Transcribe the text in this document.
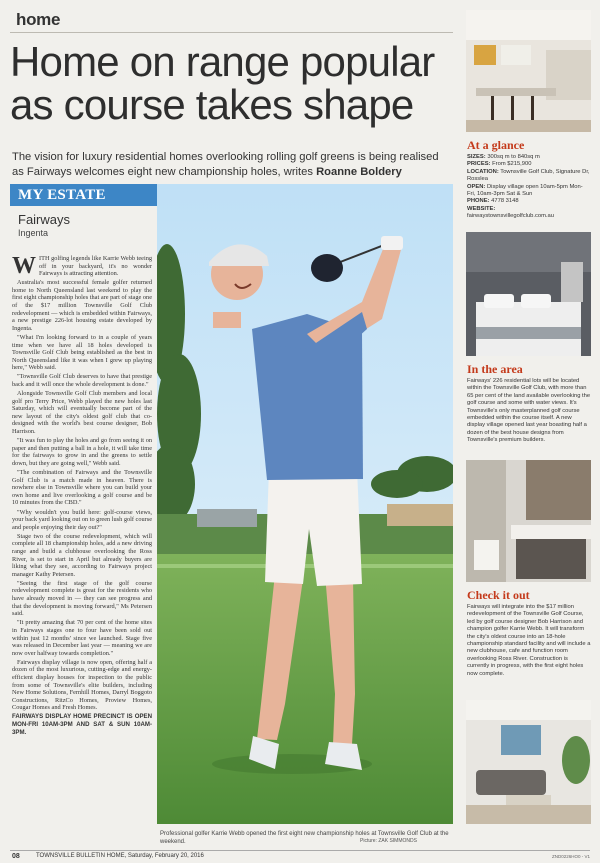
home
Home on range popular as course takes shape

The vision for luxury residential homes overlooking rolling golf greens is being realised as Fairways welcomes eight new championship holes, writes Roanne Boldery

MY ESTATE
Fairways
Ingenta

WITH golfing legends like Karrie Webb teeing off in your backyard, it's no wonder Fairways is attracting attention.

Australia's most successful female golfer returned home to North Queensland last weekend to play the first eight championship holes that are part of stage one of the $17 million Townsville Golf Club redevelopment — which is embedded within Fairways, a new prestige 226-lot housing estate developed by Ingenta.

"What I'm looking forward to in a couple of years time when we have all 18 holes developed is Townsville Golf Club being established as the best in North Queensland like it was when I grew up playing here," Webb said.

"Townsville Golf Club deserves to have that prestige back and it will once the whole development is done."

Alongside Townsville Golf Club members and local golf pro Terry Price, Webb played the new holes last Saturday, which will eventually become part of the new layout of the city's oldest golf club that co-designed with the world's best course designer, Bob Harrison.

"It was fun to play the holes and go from seeing it on paper and then putting a ball in a hole, it will take time for the fairways to grow in and the greens to settle down, but they are going well," Webb said.

"The combination of Fairways and the Townsville Golf Club is a match made in heaven. There is nowhere else in Townsville where you can build your own home and live overlooking a golf course and be 10 minutes from the CBD."

"Why wouldn't you build here: golf-course views, your back yard looking out on to green lush golf course and people enjoying their day out?"

Stage two of the course redevelopment, which will complete all 18 championship holes, add a new driving range and build a clubhouse overlooking the Ross River, is set to start in April but already buyers are liking what they see, according to Fairways project manager Kathy Petersen.

"Seeing the first stage of the golf course redevelopment complete is great for the residents who have already moved in — they can see progress and that the development is moving forward," Ms Petersen said.

"It pretty amazing that 70 per cent of the home sites in Fairways stages one to four have been sold out within just 12 months' since we launched. Stage five was released in December last year — meaning we are now over halfway towards completion."

Fairways display village is now open, offering half a dozen of the most luxurious, cutting-edge and energy-efficient display houses for inspection to the public from some of Townsville's elite builders, including New Home Solutions, Fernhill Homes, Darryl Boggoto Constructions, RitzCo Homes, Proview Homes, Cougar Homes and Fresh Homes.

FAIRWAYS DISPLAY HOME PRECINCT IS OPEN MON-FRI 10AM-3PM AND SAT & SUN 10AM-3PM.

Professional golfer Karrie Webb opened the first eight new championship holes at Townsville Golf Club at the weekend.	Picture: ZAK SIMMONDS
At a glance
SIZES: 300sq m to 840sq m
PRICES: From $215,900
LOCATION: Townsville Golf Club, Signature Dr, Rosslea
OPEN: Display village open 10am-5pm Mon-Fri, 10am-3pm Sat & Sun
PHONE: 4778 3148
WEBSITE:
fairwaystownsvillegolfclub.com.au
In the area
Fairways' 226 residential lots will be located within the Townsville Golf Club, with more than 65 per cent of the land available overlooking the golf course and some with water views. It's Townsville's only masterplanned golf course embedded within the course itself. A new display village opened last year boasting half a dozen of the best house designs from Townsville's premium builders.
Check it out
Fairways will integrate into the $17 million redevelopment of the Townsville Golf Course, led by golf course designer Bob Harrison and champion golfer Karrie Webb. It will transform the city's oldest course into an 18-hole championship standard facility and will include a new clubhouse, cafe and function room overlooking Ross River. Construction is currently in progress, with the first eight holes now complete.
08	TOWNSVILLE BULLETIN HOME, Saturday, February 20, 2016	ZND0226HO0 - V1
